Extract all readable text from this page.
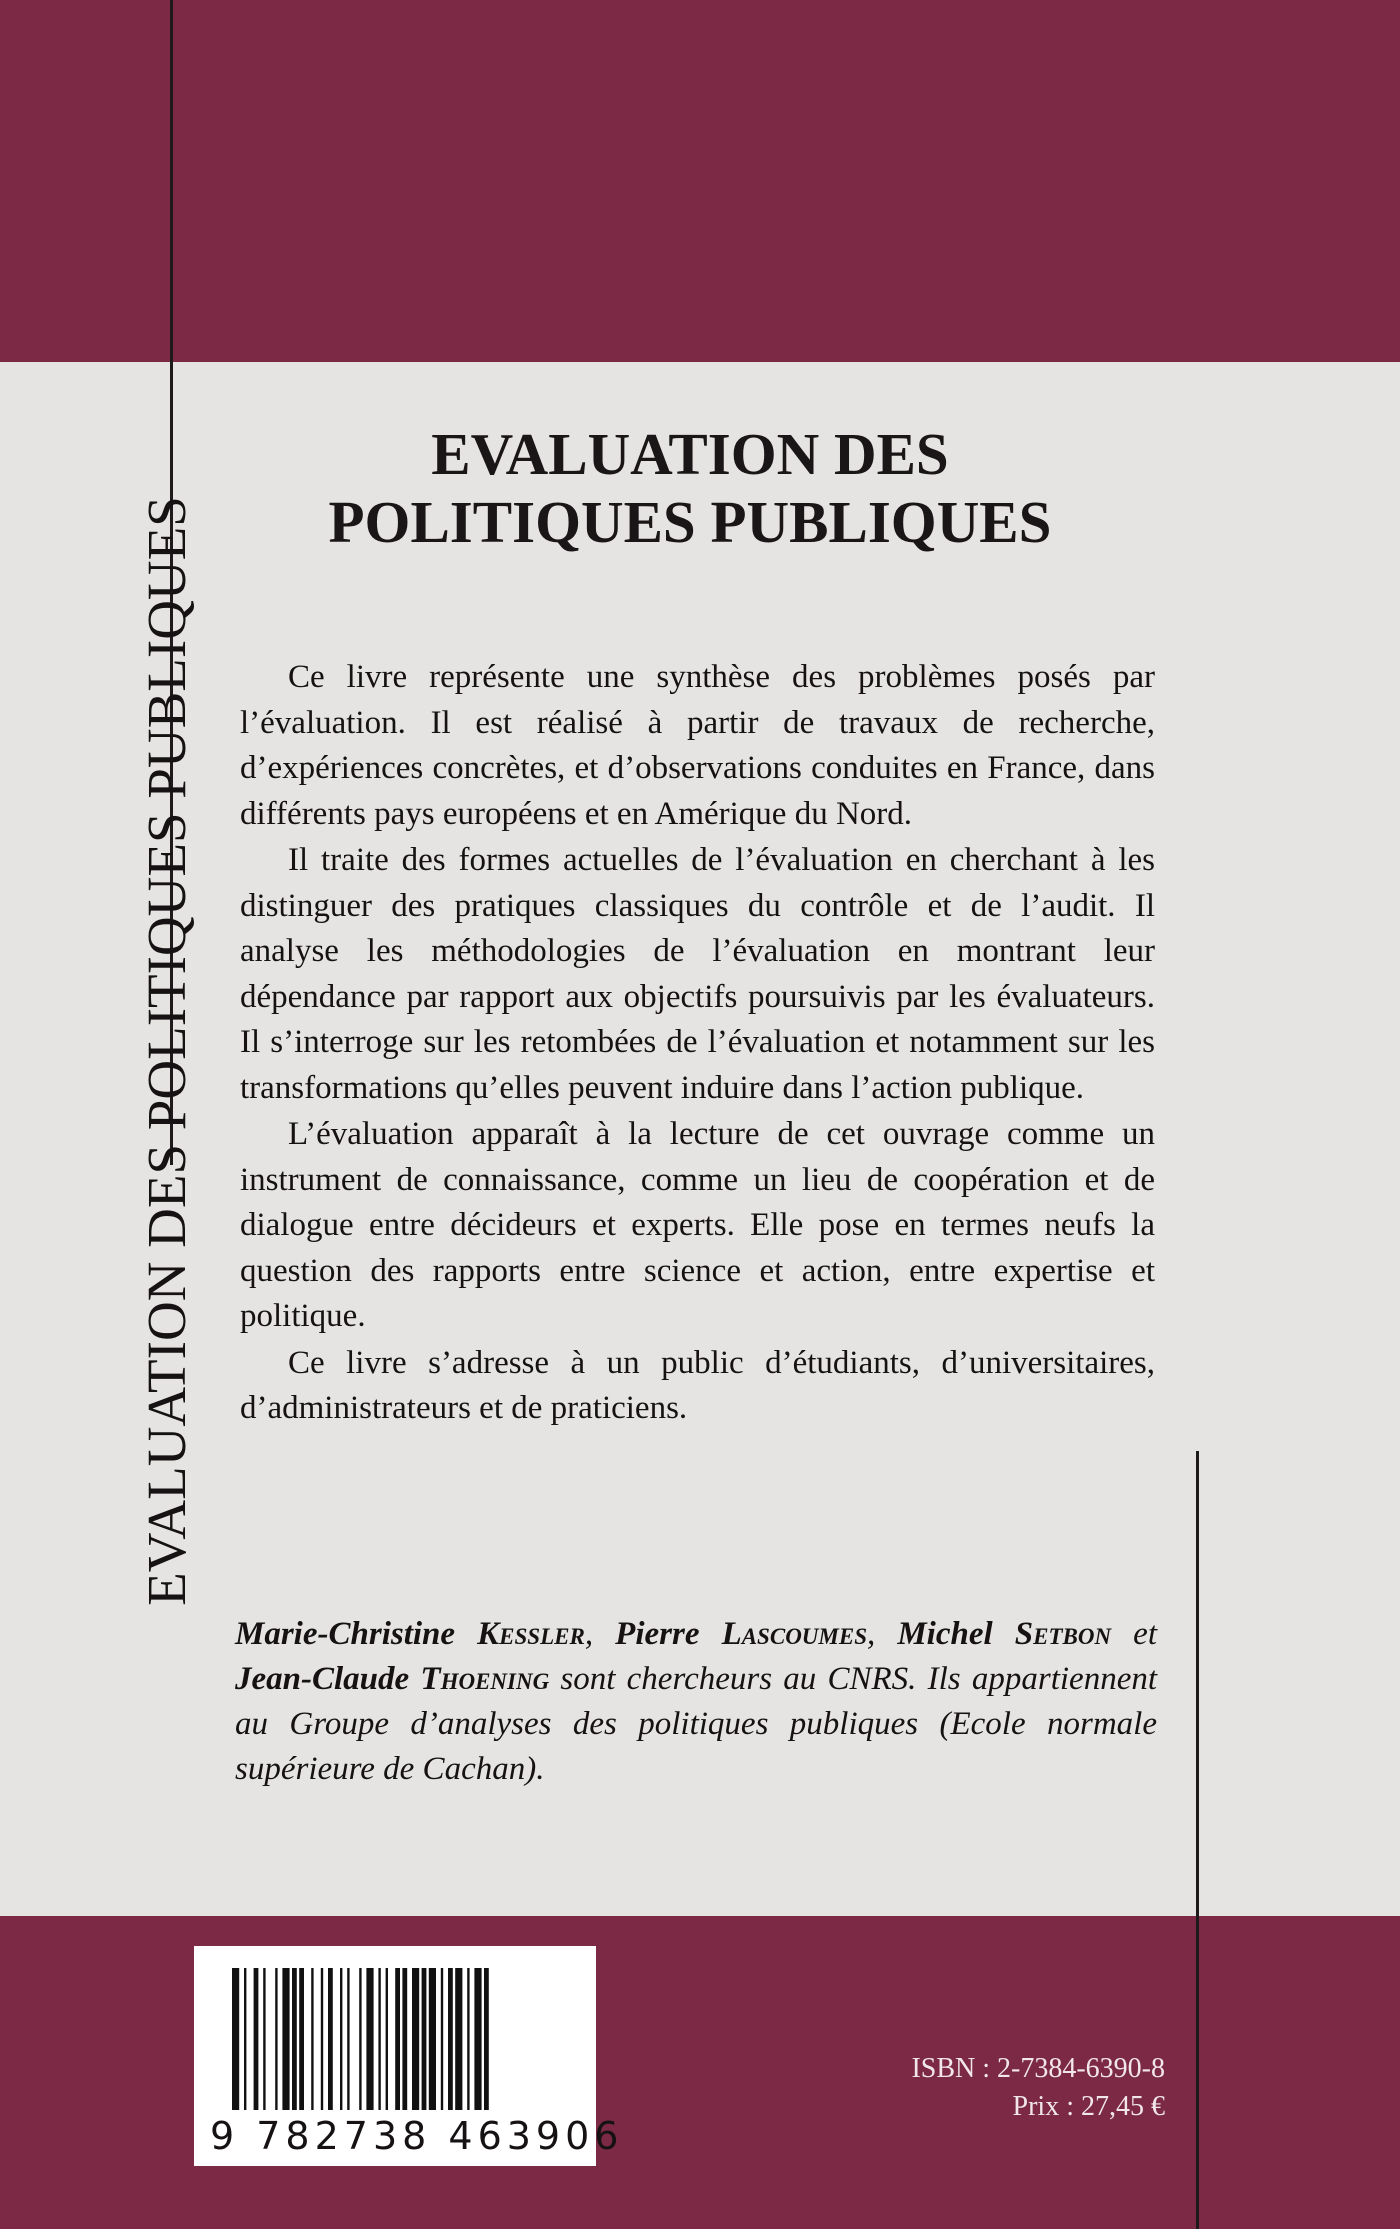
EVALUATION DES POLITIQUES PUBLIQUES
EVALUATION DES
POLITIQUES PUBLIQUES

Ce livre représente une synthèse des problèmes posés par l’évaluation. Il est réalisé à partir de travaux de recherche, d’expériences concrètes, et d’observations conduites en France, dans différents pays européens et en Amérique du Nord.

Il traite des formes actuelles de l’évaluation en cherchant à les distinguer des pratiques classiques du contrôle et de l’audit. Il analyse les méthodologies de l’évaluation en montrant leur dépendance par rapport aux objectifs poursuivis par les évaluateurs. Il s’interroge sur les retombées de l’évaluation et notamment sur les transformations qu’elles peuvent induire dans l’action publique.

L’évaluation apparaît à la lecture de cet ouvrage comme un instrument de connaissance, comme un lieu de coopération et de dialogue entre décideurs et experts. Elle pose en termes neufs la question des rapports entre science et action, entre expertise et politique.

Ce livre s’adresse à un public d’étudiants, d’universitaires, d’administrateurs et de praticiens.

Marie-Christine Kessler, Pierre Lascoumes, Michel Setbon et Jean-Claude Thoening sont chercheurs au CNRS. Ils appartiennent au Groupe d’analyses des politiques publiques (Ecole normale supérieure de Cachan).
9 782738 463906
ISBN : 2-7384-6390-8
Prix : 27,45 €
